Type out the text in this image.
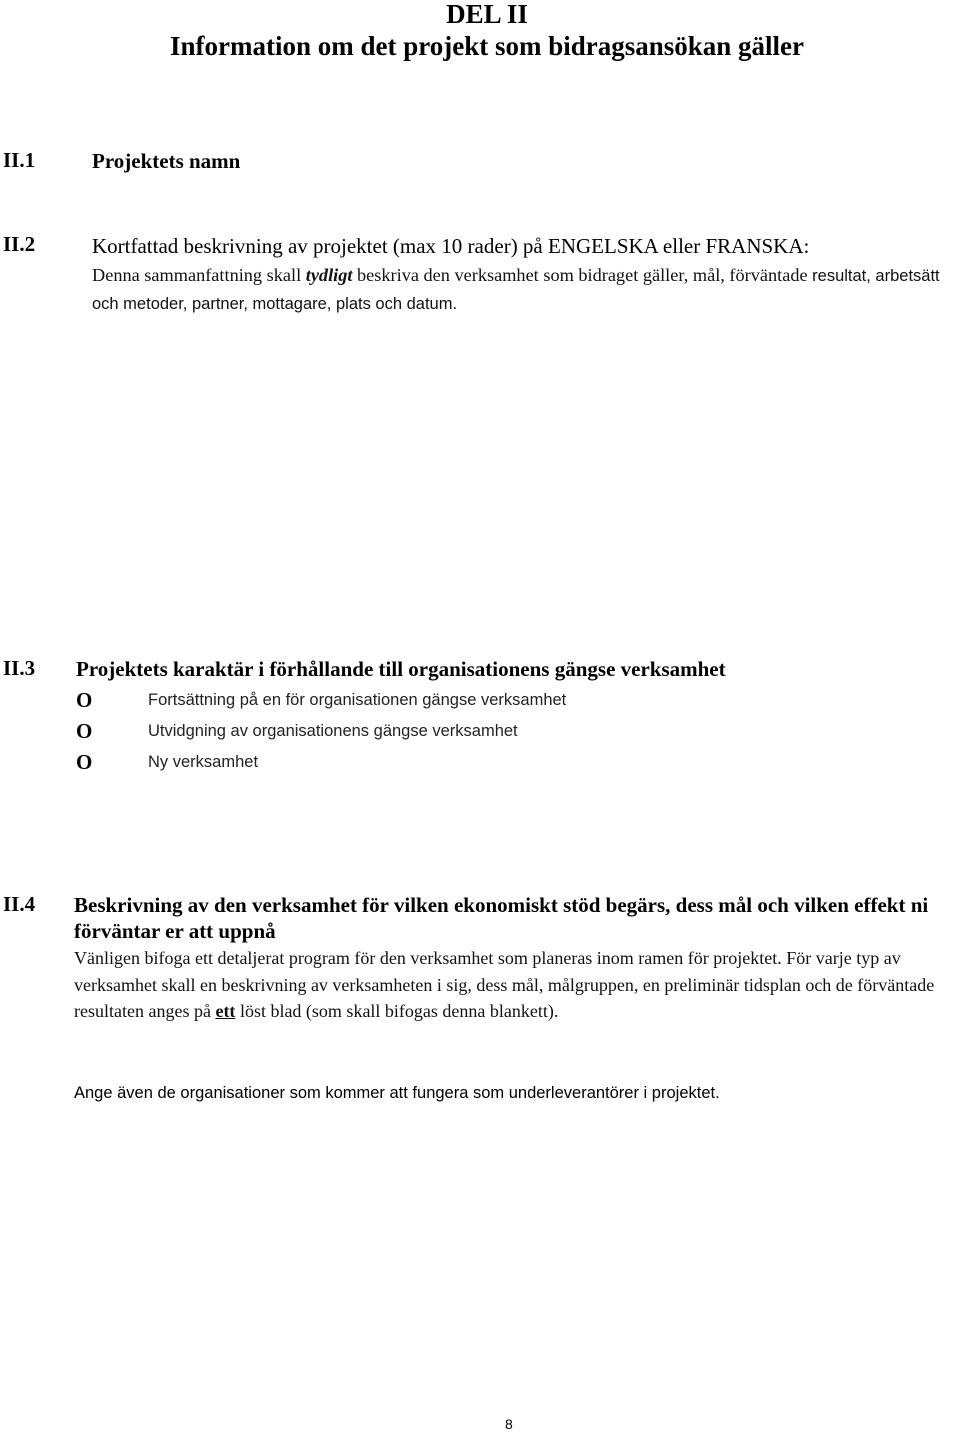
DEL II
Information om det projekt som bidragsansökan gäller
II.1	Projektets namn
II.2	Kortfattad beskrivning av projektet (max 10 rader) på ENGELSKA eller FRANSKA:
Denna sammanfattning skall tydligt beskriva den verksamhet som bidraget gäller, mål, förväntade resultat, arbetsätt och metoder, partner, mottagare, plats och datum.
II.3 Projektets karaktär i förhållande till organisationens gängse verksamhet
O	Fortsättning på en för organisationen gängse verksamhet
O	Utvidgning av organisationens gängse verksamhet
O	Ny verksamhet
II.4 Beskrivning av den verksamhet för vilken ekonomiskt stöd begärs, dess mål och vilken effekt ni förväntar er att uppnå
Vänligen bifoga ett detaljerat program för den verksamhet som planeras inom ramen för projektet. För varje typ av verksamhet skall en beskrivning av verksamheten i sig, dess mål, målgruppen, en preliminär tidsplan och de förväntade resultaten anges på ett löst blad (som skall bifogas denna blankett).
Ange även de organisationer som kommer att fungera som underleverantörer i projektet.
8
